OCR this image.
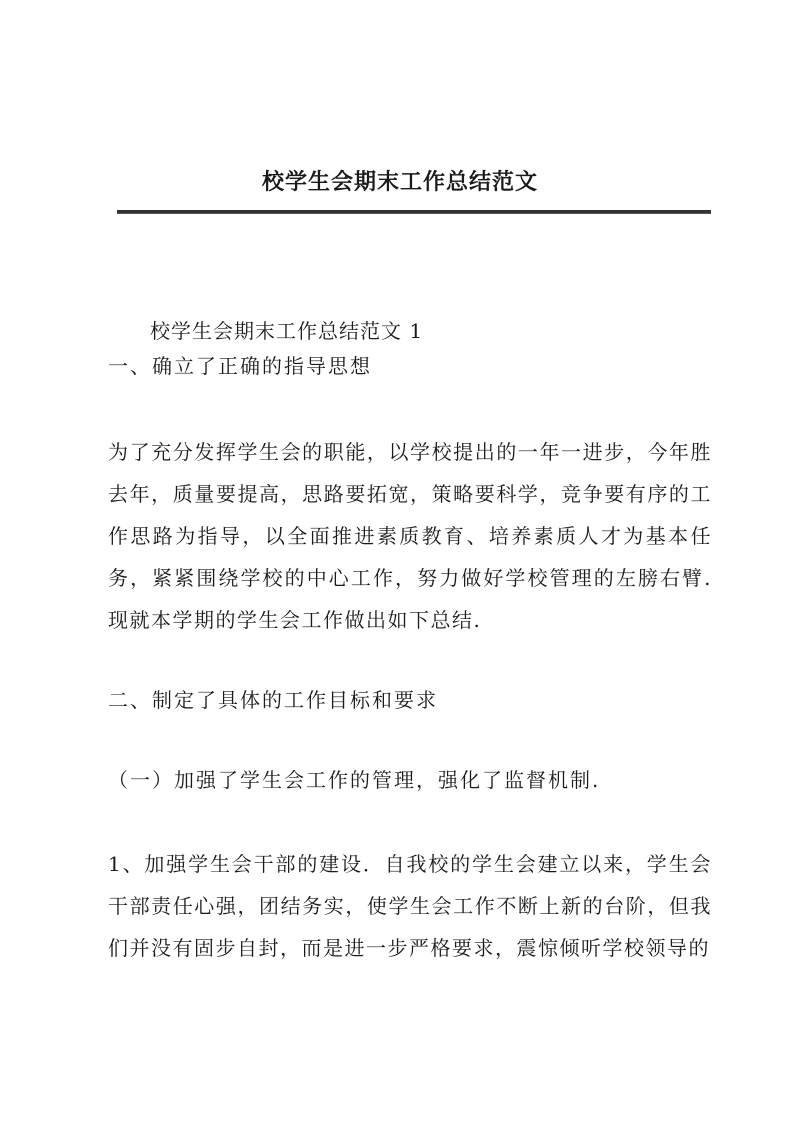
校学生会期末工作总结范文

校学生会期末工作总结范文 1

一、确立了正确的指导思想

为了充分发挥学生会的职能，以学校提出的一年一进步，今年胜去年，质量要提高，思路要拓宽，策略要科学，竞争要有序的工作思路为指导，以全面推进素质教育、培养素质人才为基本任务，紧紧围绕学校的中心工作，努力做好学校管理的左膀右臂.现就本学期的学生会工作做出如下总结.

二、制定了具体的工作目标和要求

（一）加强了学生会工作的管理，强化了监督机制.

1、加强学生会干部的建设．自我校的学生会建立以来，学生会干部责任心强，团结务实，使学生会工作不断上新的台阶，但我们并没有固步自封，而是进一步严格要求，震惊倾听学校领导的
